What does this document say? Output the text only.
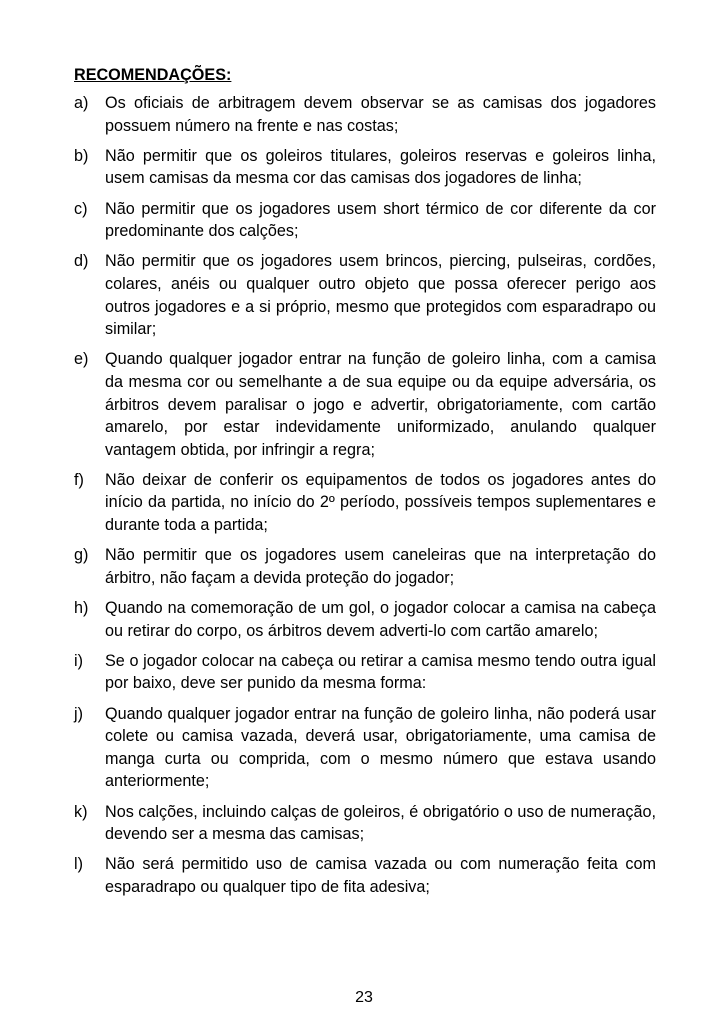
RECOMENDAÇÕES:
a)	Os oficiais de arbitragem devem observar se as camisas dos jogadores possuem número na frente e nas costas;
b)	Não permitir que os goleiros titulares, goleiros reservas e goleiros linha, usem camisas da mesma cor das camisas dos jogadores de linha;
c)	Não permitir que os jogadores usem short térmico de cor diferente da cor predominante dos calções;
d)	Não permitir que os jogadores usem brincos, piercing, pulseiras, cordões, colares, anéis ou qualquer outro objeto que possa oferecer perigo aos outros jogadores e a si próprio, mesmo que protegidos com esparadrapo ou similar;
e)	Quando qualquer jogador entrar na função de goleiro linha, com a camisa da mesma cor ou semelhante a de sua equipe ou da equipe adversária, os árbitros devem paralisar o jogo e advertir, obrigatoriamente, com cartão amarelo, por estar indevidamente uniformizado, anulando qualquer vantagem obtida, por infringir a regra;
f)	Não deixar de conferir os equipamentos de todos os jogadores antes do início da partida, no início do 2º período, possíveis tempos suplementares e durante toda a partida;
g)	Não permitir que os jogadores usem caneleiras que na interpretação do árbitro, não façam a devida proteção do jogador;
h)	Quando na comemoração de um gol, o jogador colocar a camisa na cabeça ou retirar do corpo, os árbitros devem adverti-lo com cartão amarelo;
i)	Se o jogador colocar na cabeça ou retirar a camisa mesmo tendo outra igual por baixo, deve ser punido da mesma forma:
j)	Quando qualquer jogador entrar na função de goleiro linha, não poderá usar colete ou camisa vazada, deverá usar, obrigatoriamente, uma camisa de manga curta ou comprida, com o mesmo número que estava usando anteriormente;
k)	Nos calções, incluindo calças de goleiros, é obrigatório o uso de numeração, devendo ser a mesma das camisas;
l)	Não será permitido uso de camisa vazada ou com numeração feita com esparadrapo ou qualquer tipo de fita adesiva;
23
